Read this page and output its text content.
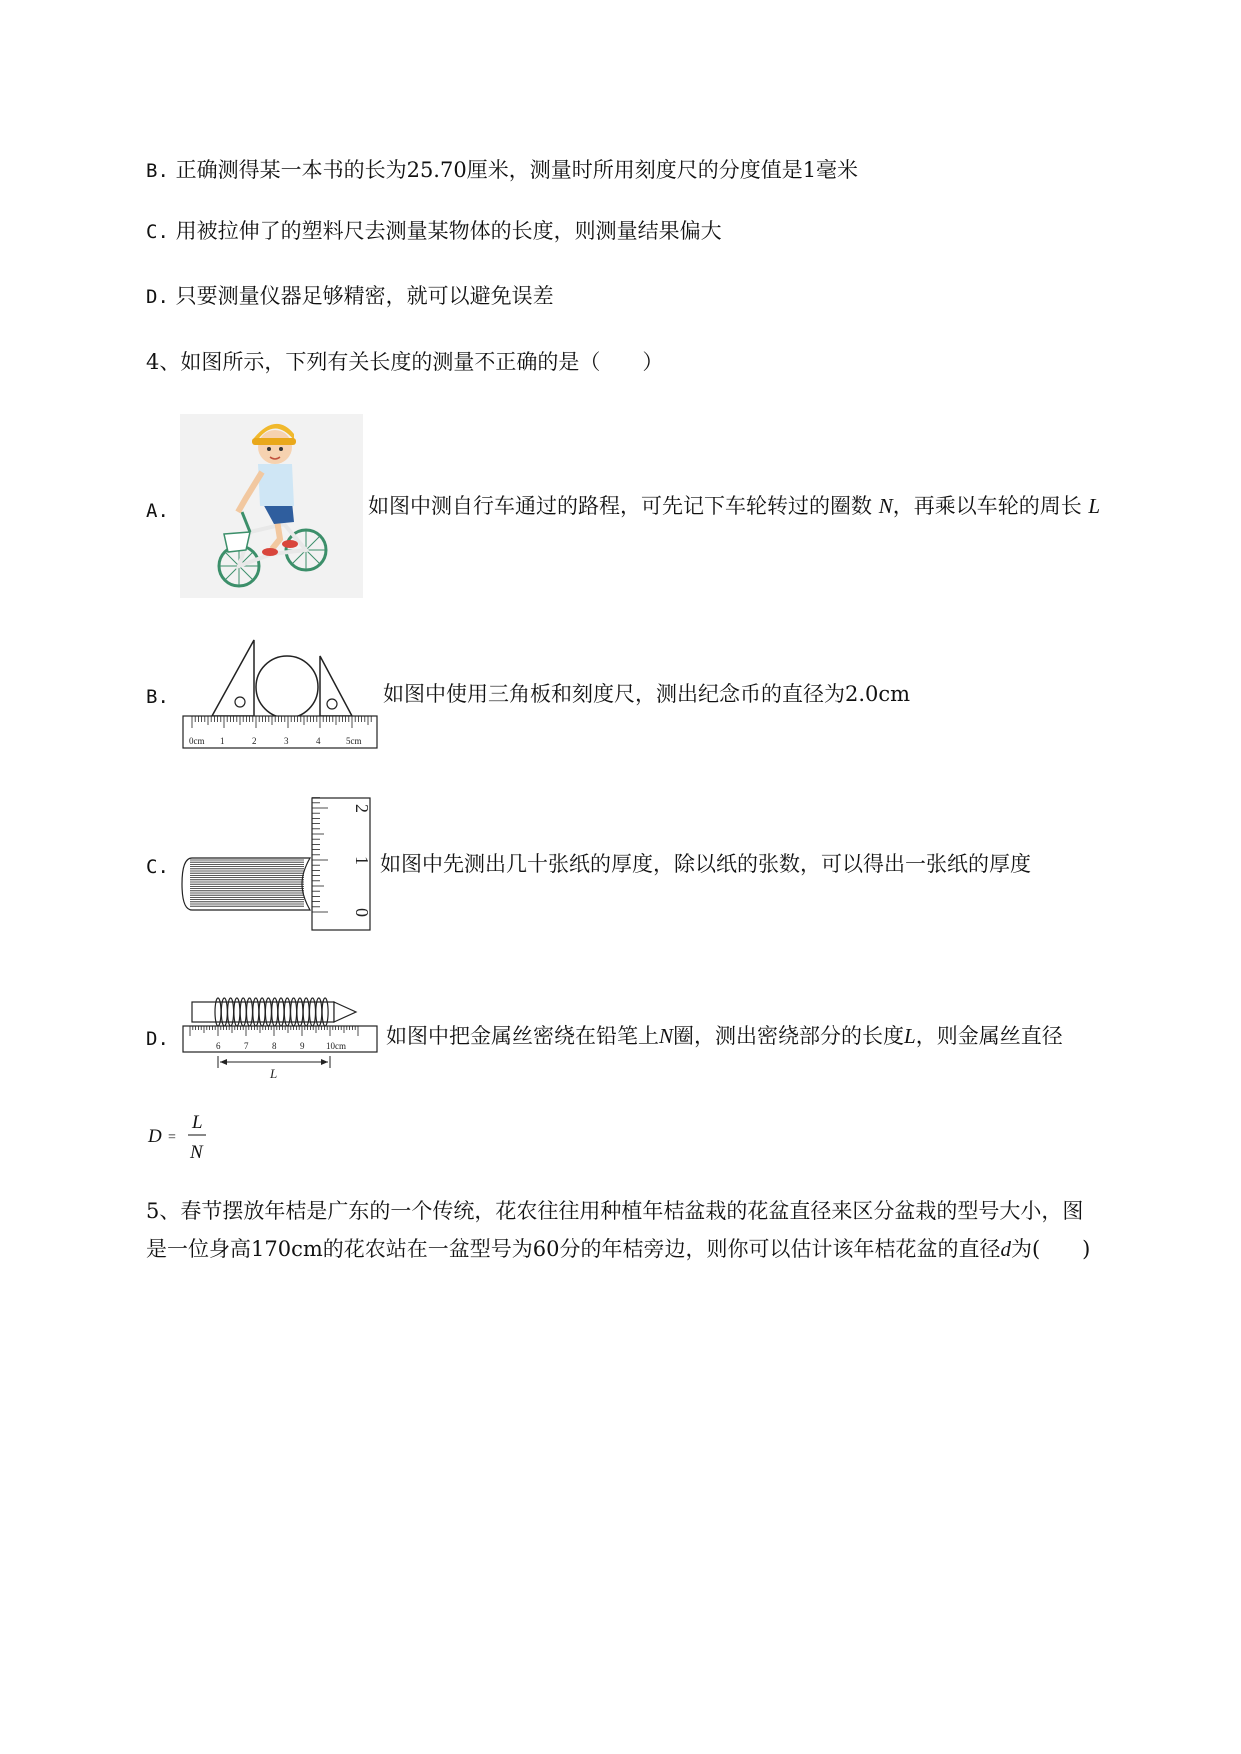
B. 正确测得某一本书的长为25.70厘米，测量时所用刻度尺的分度值是1毫米
C. 用被拉伸了的塑料尺去测量某物体的长度，则测量结果偏大
D. 只要测量仪器足够精密，就可以避免误差
4、如图所示，下列有关长度的测量不正确的是（　　）
A.	如图中测自行车通过的路程，可先记下车轮转过的圈数 N，再乘以车轮的周长 L
B.
0cm 1	2	3	4	5cm
如图中使用三角板和刻度尺，测出纪念币的直径为2.0cm
C.
0
1
2
如图中先测出几十张纸的厚度，除以纸的张数，可以得出一张纸的厚度
D.	6	7	8	9 10cm
L
如图中把金属丝密绕在铅笔上N圈，测出密绕部分的长度L，则金属丝直径
D =
L
N
5、春节摆放年桔是广东的一个传统，花农往往用种植年桔盆栽的花盆直径来区分盆栽的型号大小，图
是一位身高170cm的花农站在一盆型号为60分的年桔旁边，则你可以估计该年桔花盆的直径d为(　　)
